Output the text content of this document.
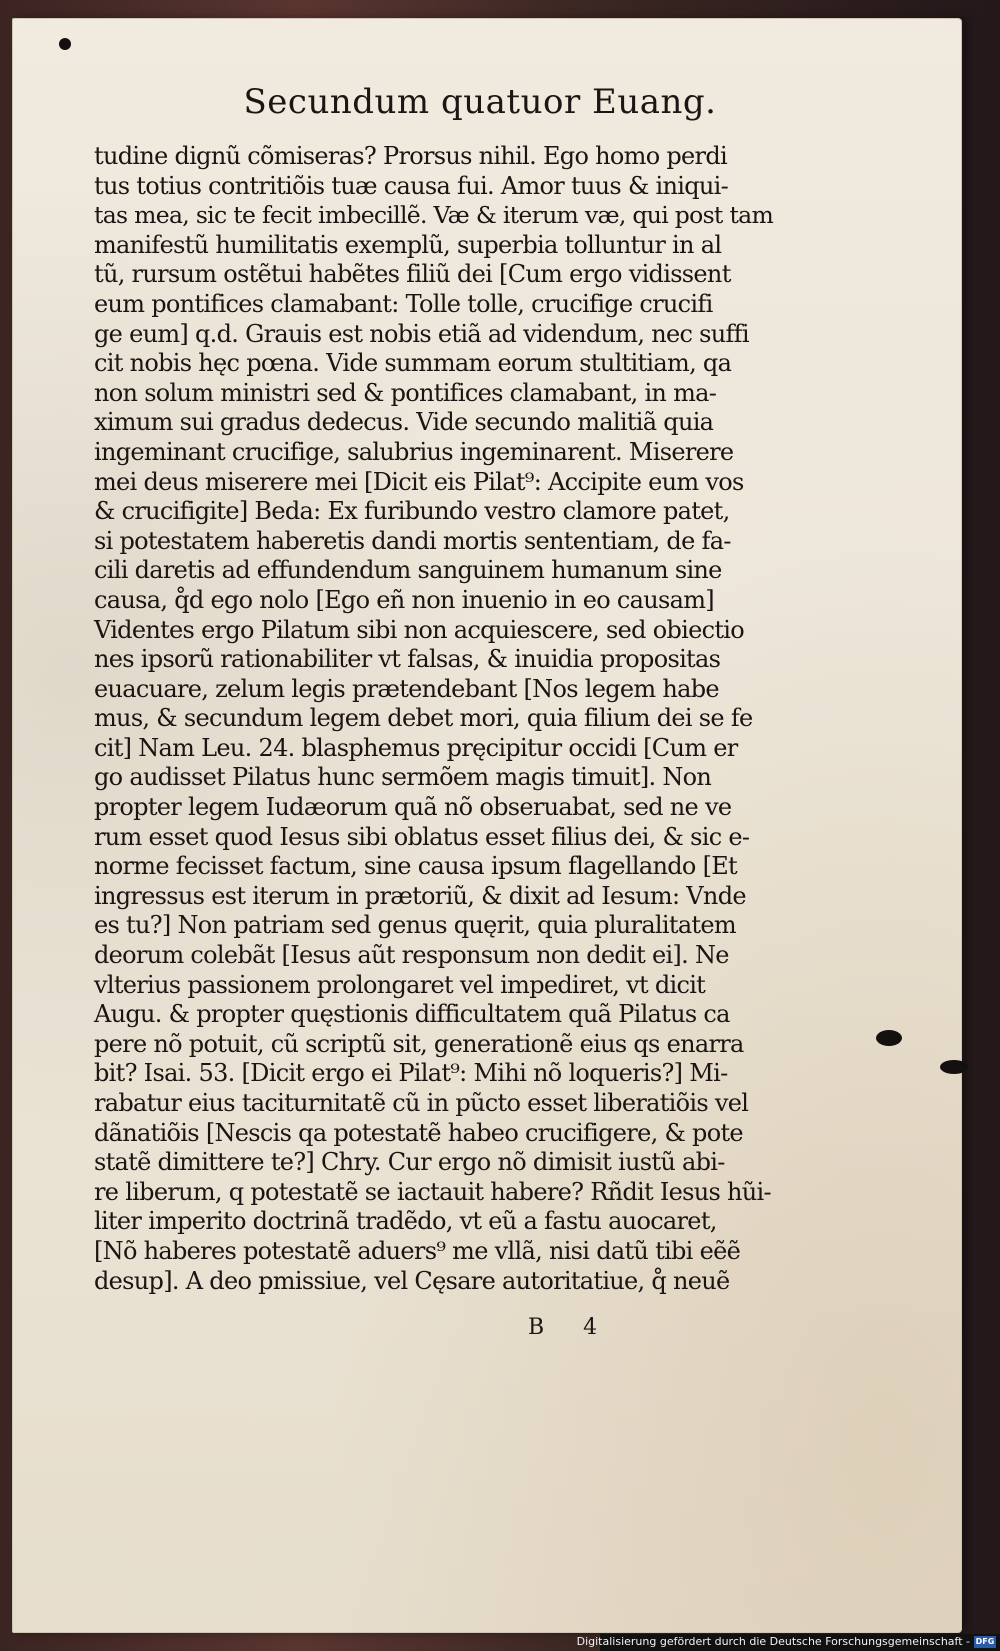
Secundum quatuor Euang.
tudine dignũ cõmiseras? Prorsus nihil. Ego homo perdi
tus totius contritiõis tuæ causa fui. Amor tuus & iniqui-
tas mea, sic te fecit imbecillẽ. Væ & iterum væ, qui post tam
manifestũ humilitatis exemplũ, superbia tolluntur in al
tũ, rursum ostẽtui habẽtes filiũ dei [Cum ergo vidissent
eum pontifices clamabant: Tolle tolle, crucifige crucifi
ge eum] q.d. Grauis est nobis etiã ad videndum, nec suffi
cit nobis hęc pœna. Vide summam eorum stultitiam, qa
non solum ministri sed & pontifices clamabant, in ma-
ximum sui gradus dedecus. Vide secundo malitiã quia
ingeminant crucifige, salubrius ingeminarent. Miserere
mei deus miserere mei [Dicit eis Pilat⁹: Accipite eum vos
& crucifigite] Beda: Ex furibundo vestro clamore patet,
si potestatem haberetis dandi mortis sententiam, de fa-
cili daretis ad effundendum sanguinem humanum sine
causa, q̊d ego nolo [Ego eñ non inuenio in eo causam]
Videntes ergo Pilatum sibi non acquiescere, sed obiectio
nes ipsorũ rationabiliter vt falsas, & inuidia propositas
euacuare, zelum legis prætendebant [Nos legem habe
mus, & secundum legem debet mori, quia filium dei se fe
cit] Nam Leu. 24. blasphemus pręcipitur occidi [Cum er
go audisset Pilatus hunc sermõem magis timuit]. Non
propter legem Iudæorum quã nõ obseruabat, sed ne ve
rum esset quod Iesus sibi oblatus esset filius dei, & sic e-
norme fecisset factum, sine causa ipsum flagellando [Et
ingressus est iterum in prætoriũ, & dixit ad Iesum: Vnde
es tu?] Non patriam sed genus quęrit, quia pluralitatem
deorum colebãt [Iesus aũt responsum non dedit ei]. Ne
vlterius passionem prolongaret vel impediret, vt dicit
Augu. & propter quęstionis difficultatem quã Pilatus ca
pere nõ potuit, cũ scriptũ sit, generationẽ eius qs enarra
bit? Isai. 53. [Dicit ergo ei Pilat⁹: Mihi nõ loqueris?] Mi-
rabatur eius taciturnitatẽ cũ in pũcto esset liberatiõis vel
dãnatiõis [Nescis qa potestatẽ habeo crucifigere, & pote
statẽ dimittere te?] Chry. Cur ergo nõ dimisit iustũ abi-
re liberum, q potestatẽ se iactauit habere? Rñdit Iesus hũi-
liter imperito doctrinã tradẽdo, vt eũ a fastu auocaret,
[Nõ haberes potestatẽ aduers⁹ me vllã, nisi datũ tibi eẽẽ
desup]. A deo pmissiue, vel Cęsare autoritatiue, q̊ neuẽ
B 4
Digitalisierung gefördert durch die Deutsche Forschungsgemeinschaft - DFG
